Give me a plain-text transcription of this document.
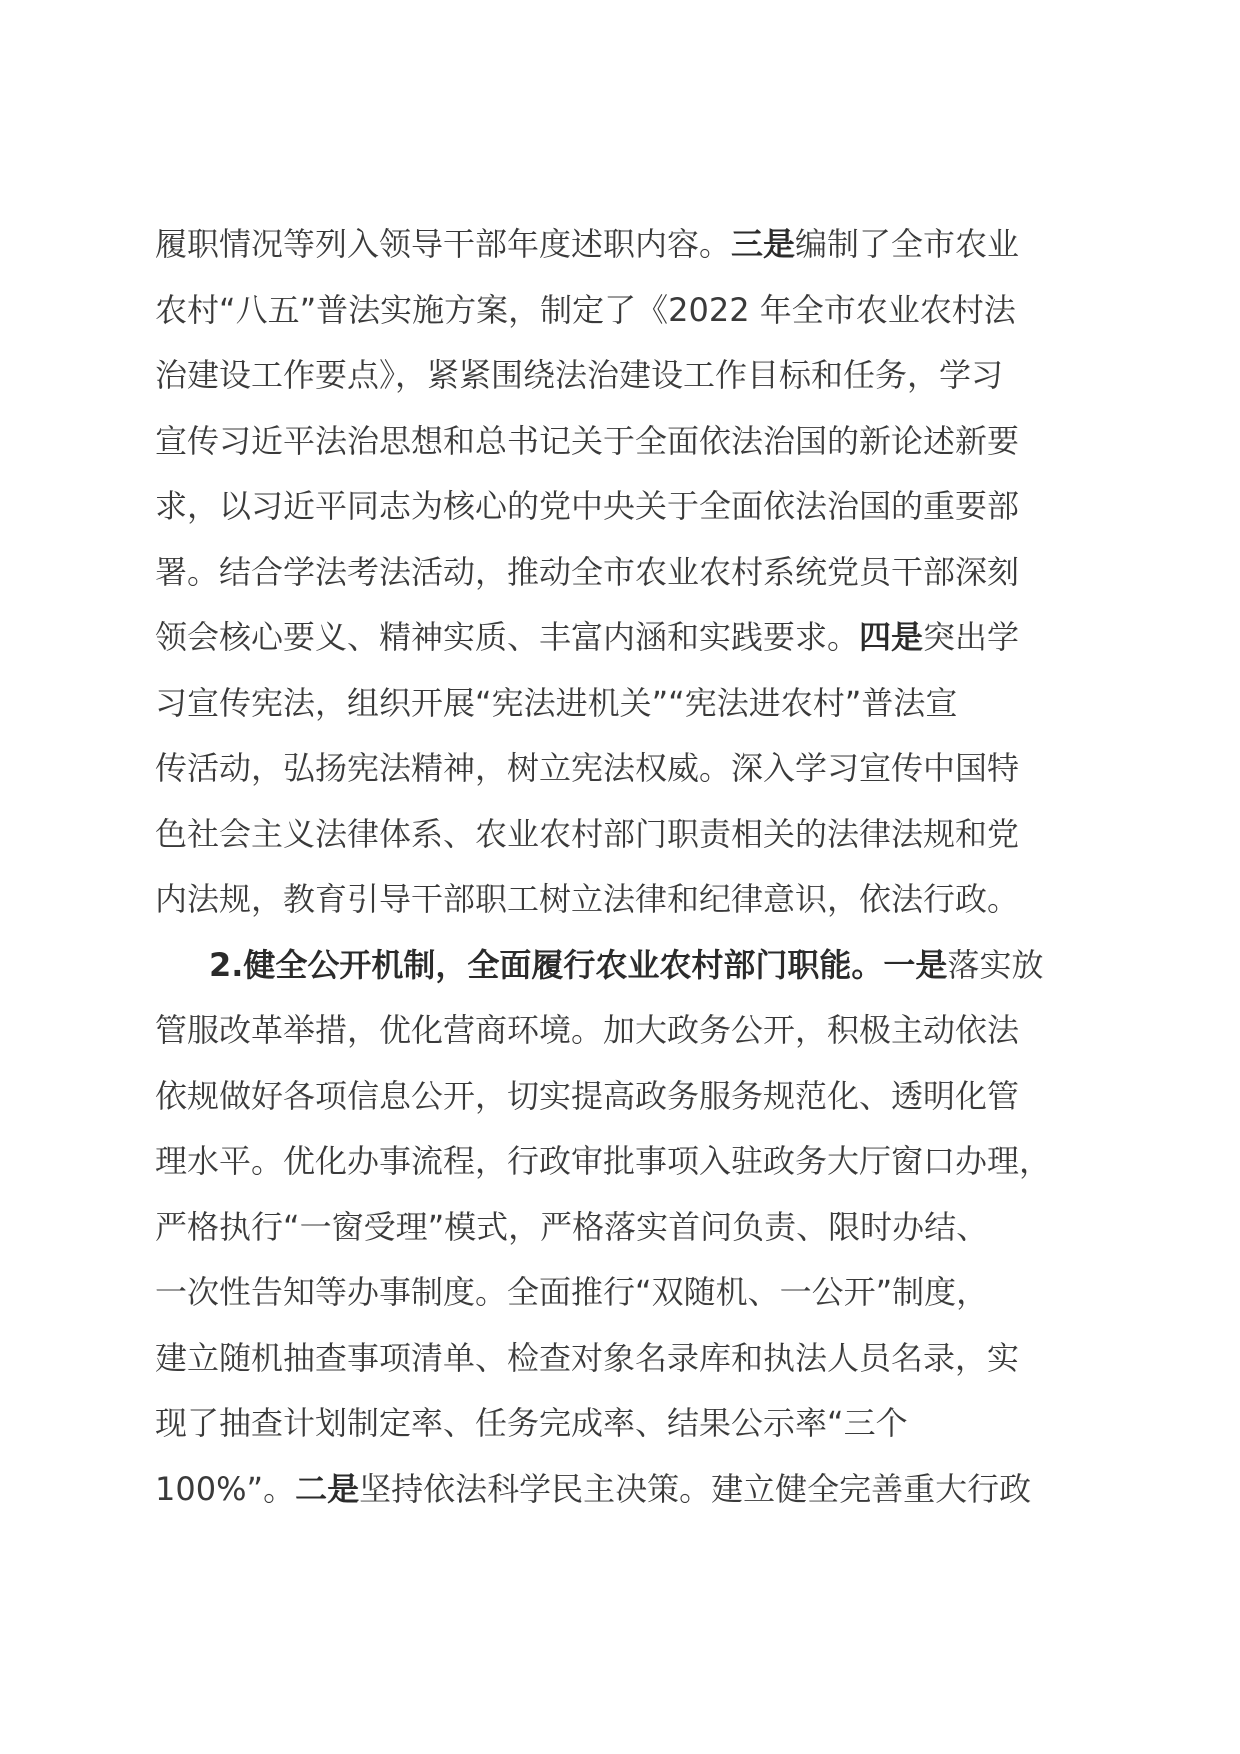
履职情况等列入领导干部年度述职内容。三是编制了全市农业
农村“八五”普法实施方案，制定了《2022 年全市农业农村法
治建设工作要点》，紧紧围绕法治建设工作目标和任务，学习
宣传习近平法治思想和总书记关于全面依法治国的新论述新要
求，以习近平同志为核心的党中央关于全面依法治国的重要部
署。结合学法考法活动，推动全市农业农村系统党员干部深刻
领会核心要义、精神实质、丰富内涵和实践要求。四是突出学
习宣传宪法，组织开展“宪法进机关”“宪法进农村”普法宣
传活动，弘扬宪法精神，树立宪法权威。深入学习宣传中国特
色社会主义法律体系、农业农村部门职责相关的法律法规和党
内法规，教育引导干部职工树立法律和纪律意识，依法行政。
2.健全公开机制，全面履行农业农村部门职能。一是落实放
管服改革举措，优化营商环境。加大政务公开，积极主动依法
依规做好各项信息公开，切实提高政务服务规范化、透明化管
理水平。优化办事流程，行政审批事项入驻政务大厅窗口办理，
严格执行“一窗受理”模式，严格落实首问负责、限时办结、
一次性告知等办事制度。全面推行“双随机、一公开”制度，
建立随机抽查事项清单、检查对象名录库和执法人员名录，实
现了抽查计划制定率、任务完成率、结果公示率“三个
100%”。二是坚持依法科学民主决策。建立健全完善重大行政
